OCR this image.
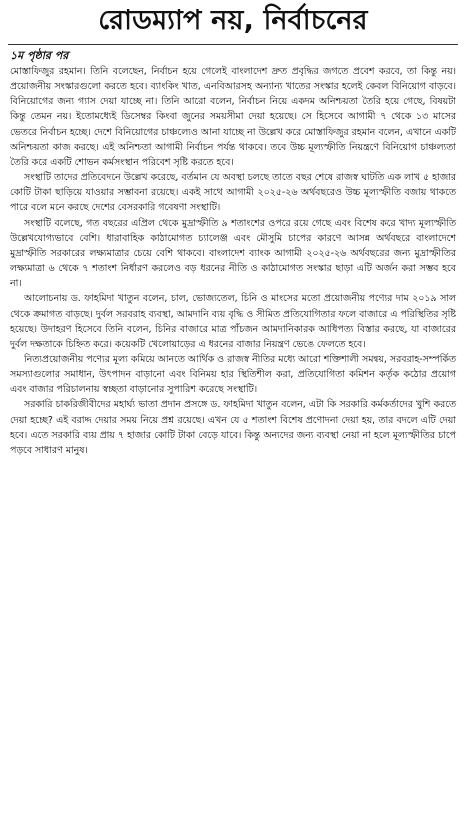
রোডম্যাপ নয়, নির্বাচনের
১ম পৃষ্ঠার পর

মোস্তাফিজুর রহমান। তিনি বলেছেন, নির্বাচন হয়ে গেলেই বাংলাদেশ দ্রুত প্রবৃদ্ধির জগতে প্রবেশ করবে, তা কিন্তু নয়। প্রয়োজনীয় সংস্কারগুলো করতে হবে। ব্যাংকিং খাত, এনবিআরসহ অন্যান্য খাতের সংস্কার হলেই কেবল বিনিয়োগ বাড়বে। বিনিয়োগের জন্য গ্যাস দেয়া যাচ্ছে না। তিনি আরো বলেন, নির্বাচন নিয়ে একদম অনিশ্চয়তা তৈরি হয়ে গেছে, বিষয়টা কিন্তু তেমন নয়। ইতোমধ্যেই ডিসেম্বর কিংবা জুনের সময়সীমা দেয়া হয়েছে। সে হিসেবে আগামী ৭ থেকে ১৩ মাসের ভেতরে নির্বাচন হচ্ছে। দেশে বিনিয়োগের চাঞ্চল্যেও আনা যাচ্ছে না উল্লেখ করে মোস্তাফিজুর রহমান বলেন, এখানে একটি অনিশ্চয়তা কাজ করছে। এই অনিশ্চতা আগামী নির্বাচন পর্যন্ত থাকবে। তবে উচ্চ মূল্যস্ফীতি নিয়ন্ত্রণে বিনিয়োগ চাঞ্চল্যতা তৈরি করে একটি শোভন কর্মসংস্থান পরিবেশ সৃষ্টি করতে হবে।

সংস্থাটি তাদের প্রতিবেদনে উল্লেখ করেছে, বর্তমান যে অবস্থা চলছে তাতে বছর শেষে রাজস্ব ঘাটতি এক লাখ ৫ হাজার কোটি টাকা ছাড়িয়ে যাওয়ার সম্ভাবনা রয়েছে। একই সাথে আগামী ২০২৫-২৬ অর্থবছরেও উচ্চ মূল্যস্ফীতি বজায় থাকতে পারে বলে মনে করছে দেশের বেসরকারি গবেষণা সংস্থাটি।

সংস্থাটি বলেছে, গত বছরের এপ্রিল থেকে মুদ্রাস্ফীতি ৯ শতাংশের ওপরে রয়ে গেছে এবং বিশেষ করে খাদ্য মূল্যস্ফীতি উল্লেখযোগ্যভাবে বেশি। ধারাবাহিক কাঠামোগত চ্যালেঞ্জ এবং মৌসুমি চাপের কারণে আসন্ন অর্থবছরে বাংলাদেশে মুদ্রাস্ফীতি সরকারের লক্ষ্যমাত্রার চেয়ে বেশি থাকবে। বাংলাদেশ ব্যাংক আগামী ২০২৫-২৬ অর্থবছরের জন্য মুদ্রাস্ফীতির লক্ষ্যমাত্রা ৬ থেকে ৭ শতাংশ নির্ধারণ করলেও বড় ধরনের নীতি ও কাঠামোগত সংস্কার ছাড়া এটি অর্জন করা সম্ভব হবে না।

আলোচনায় ড. ফাহমিদা খাতুন বলেন, চাল, ভোজ্যতেল, চিনি ও মাংসের মতো প্রয়োজনীয় পণ্যের দাম ২০১৯ সাল থেকে ক্রমাগত বাড়ছে। দুর্বল সরবরাহ ব্যবস্থা, আমদানি ব্যয় বৃদ্ধি ও সীমিত প্রতিযোগিতার ফলে বাজারে এ পরিস্থিতির সৃষ্টি হয়েছে। উদাহরণ হিসেবে তিনি বলেন, চিনির বাজারে মাত্র পাঁচজন আমদানিকারক আধিপত্য বিস্তার করছে, যা বাজারের দুর্বল দক্ষতাকে চিহ্নিত করে। কয়েকটি খেলোয়াড়ের এ ধরনের বাজার নিয়ন্ত্রণ ভেঙে ফেলতে হবে।

নিত্যপ্রয়োজনীয় পণ্যের মূল্য কমিয়ে আনতে আর্থিক ও রাজস্ব নীতির মধ্যে আরো শক্তিশালী সমন্বয়, সরবরাহ-সম্পর্কিত সমস্যাগুলোর সমাধান, উৎপাদন বাড়ানো এবং বিনিময় হার স্থিতিশীল করা, প্রতিযোগিতা কমিশন কর্তৃক কঠোর প্রয়োগ এবং বাজার পরিচালনায় স্বচ্ছতা বাড়ানোর সুপারিশ করেছে সংস্থাটি।

সরকারি চাকরিজীবীদের মহার্ঘ্য ভাতা প্রদান প্রসঙ্গে ড. ফাহমিদা খাতুন বলেন, এটা কি সরকারি কর্মকর্তাদের খুশি করতে দেয়া হচ্ছে? এই বরাদ্দ দেয়ার সময় নিয়ে প্রশ্ন রয়েছে। এখন যে ৫ শতাংশ বিশেষ প্রণোদনা দেয়া হয়, তার বদলে এটি দেয়া হবে। এতে সরকারি ব্যয় প্রায় ৭ হাজার কোটি টাকা বেড়ে যাবে। কিন্তু অন্যদের জন্য ব্যবস্থা নেয়া না হলে মূল্যস্ফীতির চাপে পড়বে সাধারণ মানুষ।
